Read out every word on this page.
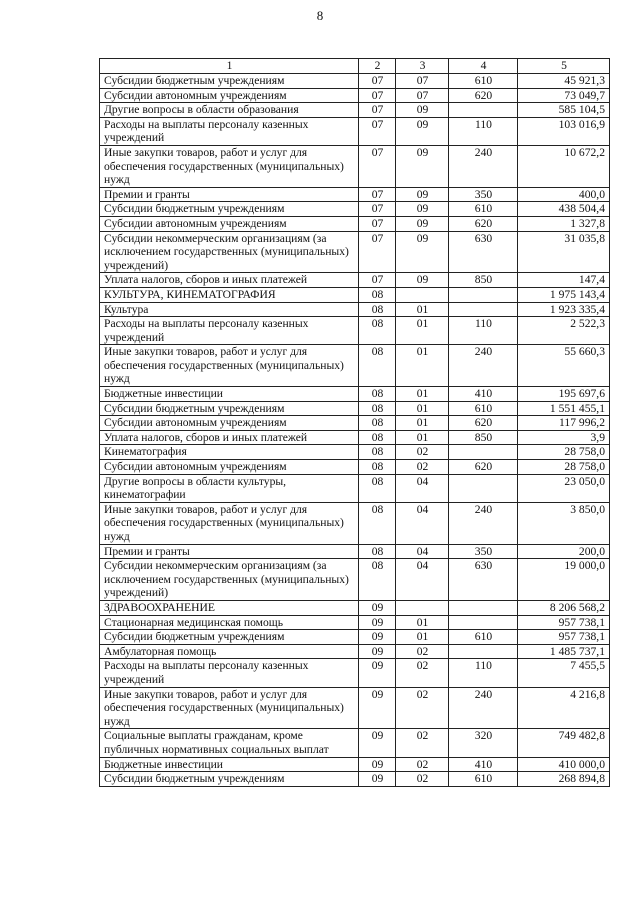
8
1	2	3	4	5
Субсидии бюджетным учреждениям	07	07	610	45 921,3
Субсидии автономным учреждениям	07	07	620	73 049,7
Другие вопросы в области образования	07	09		585 104,5
Расходы на выплаты персоналу казенных учреждений	07	09	110	103 016,9
Иные закупки товаров, работ и услуг для обеспечения государственных (муниципальных) нужд	07	09	240	10 672,2
Премии и гранты	07	09	350	400,0
Субсидии бюджетным учреждениям	07	09	610	438 504,4
Субсидии автономным учреждениям	07	09	620	1 327,8
Субсидии некоммерческим организациям (за исключением государственных (муниципальных) учреждений)	07	09	630	31 035,8
Уплата налогов, сборов и иных платежей	07	09	850	147,4
КУЛЬТУРА, КИНЕМАТОГРАФИЯ	08			1 975 143,4
Культура	08	01		1 923 335,4
Расходы на выплаты персоналу казенных учреждений	08	01	110	2 522,3
Иные закупки товаров, работ и услуг для обеспечения государственных (муниципальных) нужд	08	01	240	55 660,3
Бюджетные инвестиции	08	01	410	195 697,6
Субсидии бюджетным учреждениям	08	01	610	1 551 455,1
Субсидии автономным учреждениям	08	01	620	117 996,2
Уплата налогов, сборов и иных платежей	08	01	850	3,9
Кинематография	08	02		28 758,0
Субсидии автономным учреждениям	08	02	620	28 758,0
Другие вопросы в области культуры, кинематографии	08	04		23 050,0
Иные закупки товаров, работ и услуг для обеспечения государственных (муниципальных) нужд	08	04	240	3 850,0
Премии и гранты	08	04	350	200,0
Субсидии некоммерческим организациям (за исключением государственных (муниципальных) учреждений)	08	04	630	19 000,0
ЗДРАВООХРАНЕНИЕ	09			8 206 568,2
Стационарная медицинская помощь	09	01		957 738,1
Субсидии бюджетным учреждениям	09	01	610	957 738,1
Амбулаторная помощь	09	02		1 485 737,1
Расходы на выплаты персоналу казенных учреждений	09	02	110	7 455,5
Иные закупки товаров, работ и услуг для обеспечения государственных (муниципальных) нужд	09	02	240	4 216,8
Социальные выплаты гражданам, кроме публичных нормативных социальных выплат	09	02	320	749 482,8
Бюджетные инвестиции	09	02	410	410 000,0
Субсидии бюджетным учреждениям	09	02	610	268 894,8
